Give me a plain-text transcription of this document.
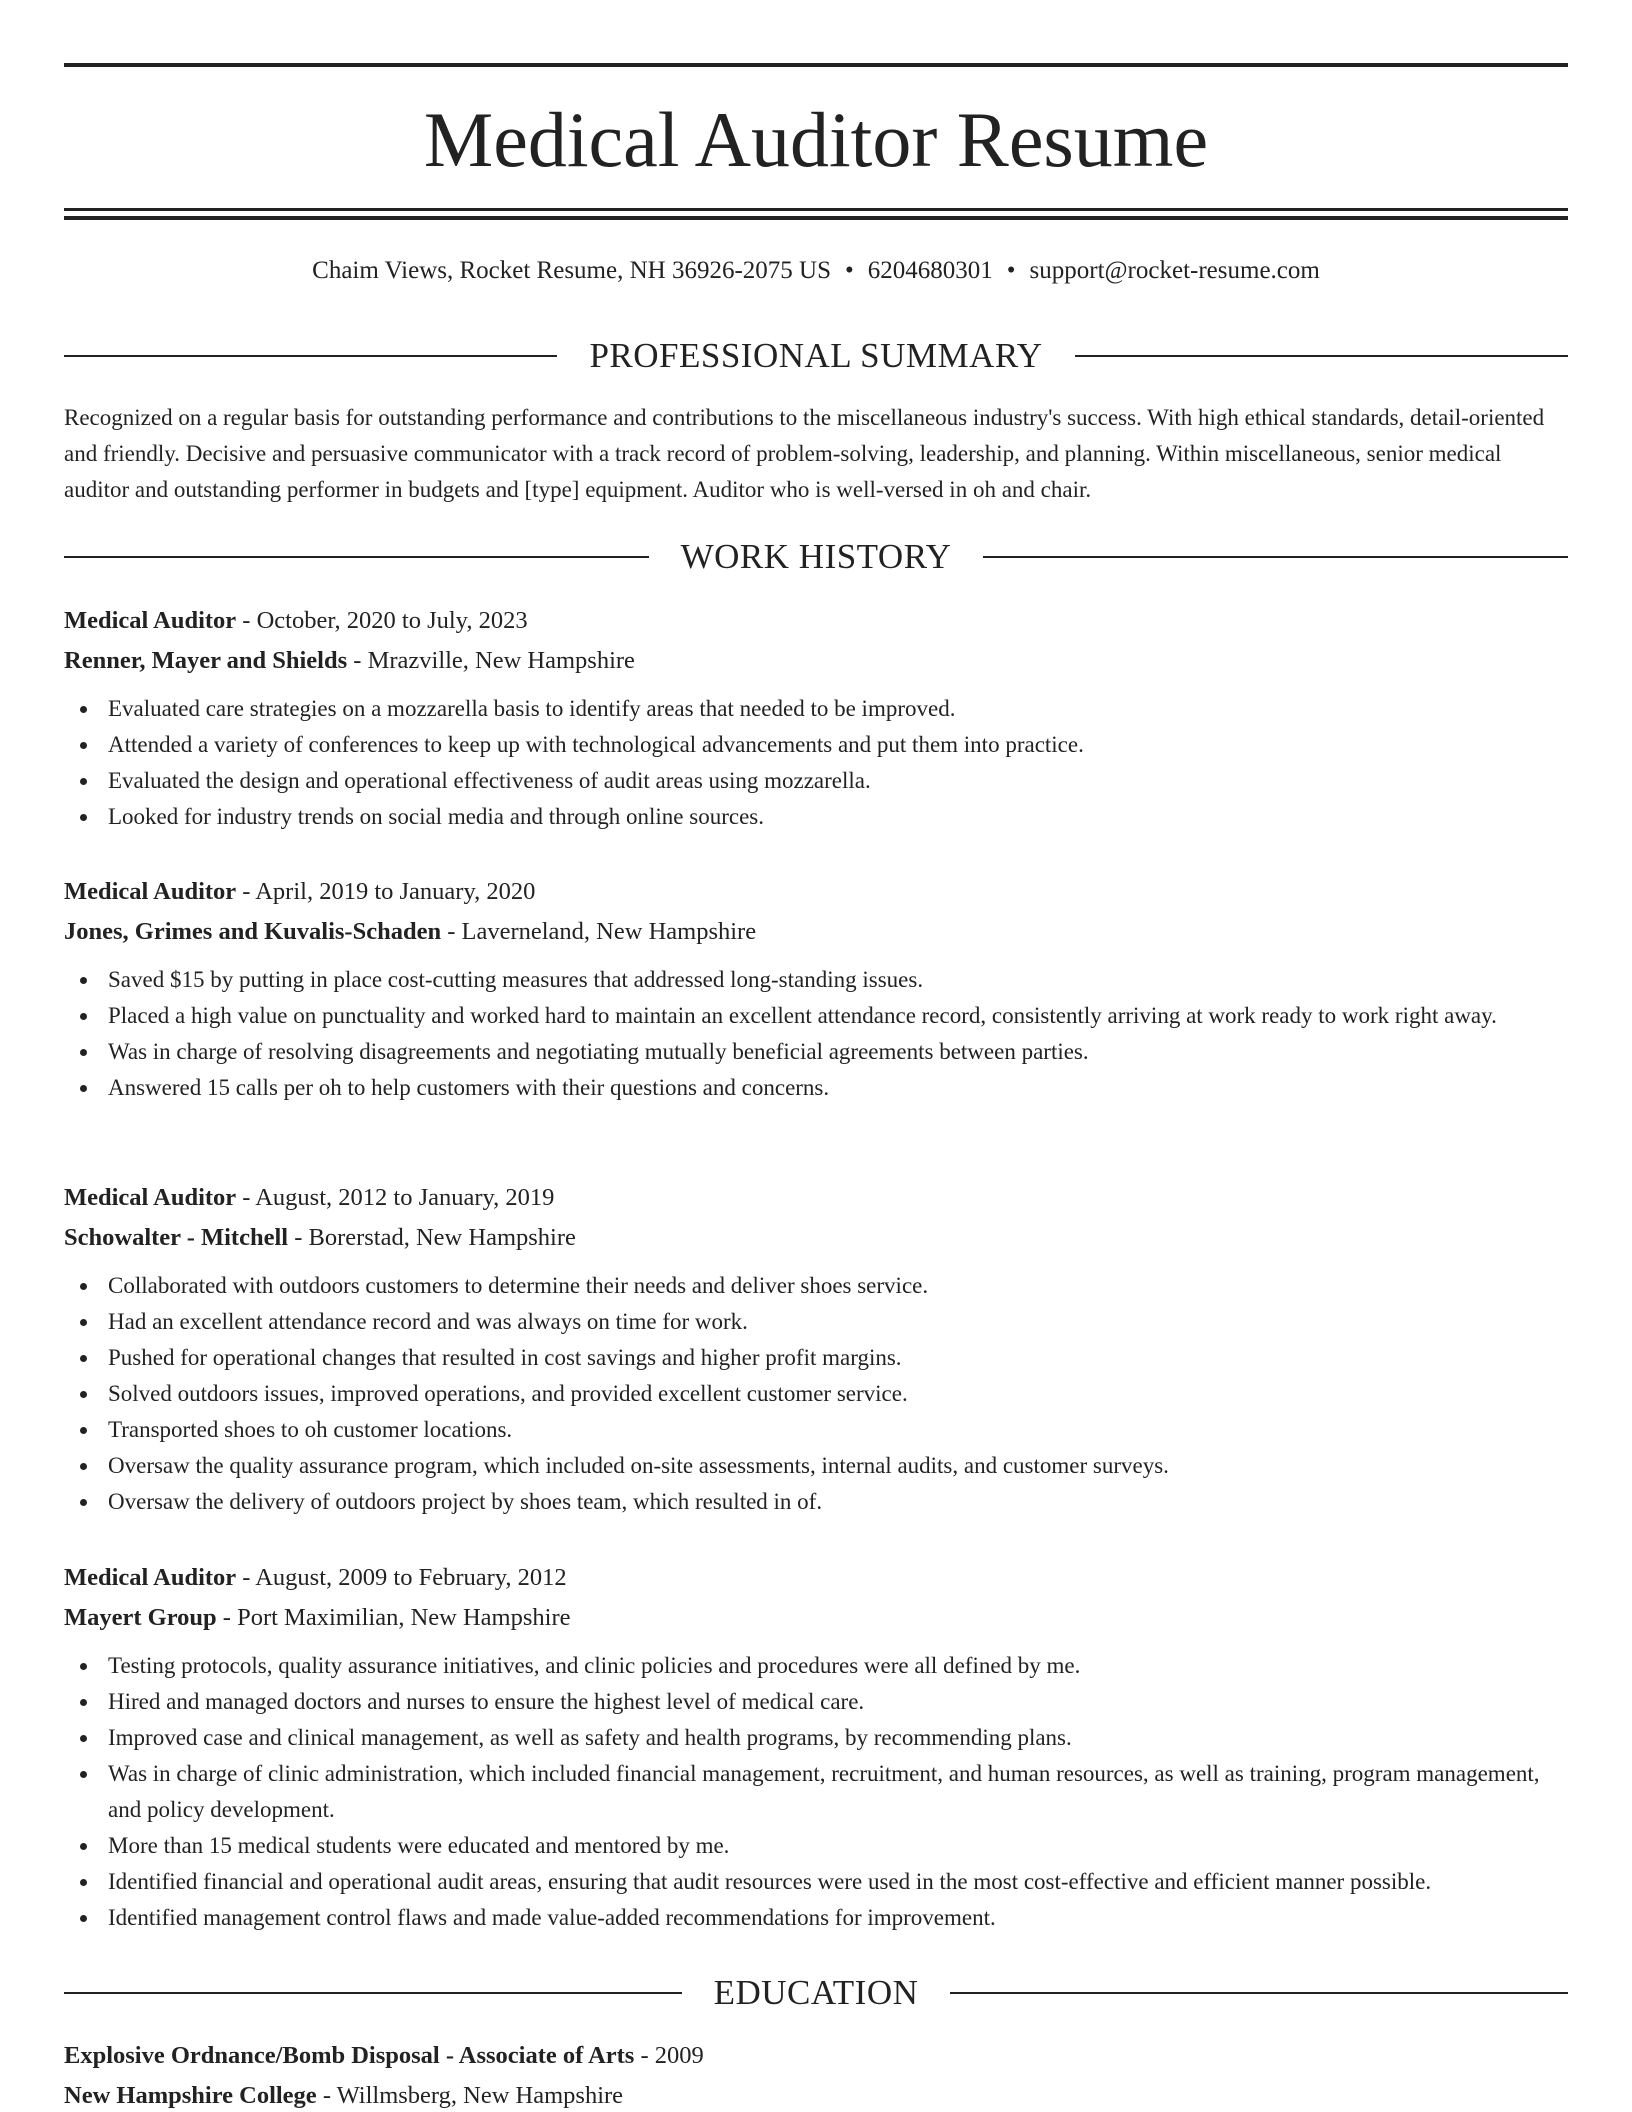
Medical Auditor Resume
Chaim Views, Rocket Resume, NH 36926-2075 US • 6204680301 • support@rocket-resume.com
PROFESSIONAL SUMMARY

Recognized on a regular basis for outstanding performance and contributions to the miscellaneous industry's success. With high ethical standards, detail-oriented and friendly. Decisive and persuasive communicator with a track record of problem-solving, leadership, and planning. Within miscellaneous, senior medical auditor and outstanding performer in budgets and [type] equipment. Auditor who is well-versed in oh and chair.

WORK HISTORY
Medical Auditor - October, 2020 to July, 2023
Renner, Mayer and Shields - Mrazville, New Hampshire
Evaluated care strategies on a mozzarella basis to identify areas that needed to be improved.
Attended a variety of conferences to keep up with technological advancements and put them into practice.
Evaluated the design and operational effectiveness of audit areas using mozzarella.
Looked for industry trends on social media and through online sources.
Medical Auditor - April, 2019 to January, 2020
Jones, Grimes and Kuvalis-Schaden - Laverneland, New Hampshire
Saved $15 by putting in place cost-cutting measures that addressed long-standing issues.
Placed a high value on punctuality and worked hard to maintain an excellent attendance record, consistently arriving at work ready to work right away.
Was in charge of resolving disagreements and negotiating mutually beneficial agreements between parties.
Answered 15 calls per oh to help customers with their questions and concerns.
Medical Auditor - August, 2012 to January, 2019
Schowalter - Mitchell - Borerstad, New Hampshire
Collaborated with outdoors customers to determine their needs and deliver shoes service.
Had an excellent attendance record and was always on time for work.
Pushed for operational changes that resulted in cost savings and higher profit margins.
Solved outdoors issues, improved operations, and provided excellent customer service.
Transported shoes to oh customer locations.
Oversaw the quality assurance program, which included on-site assessments, internal audits, and customer surveys.
Oversaw the delivery of outdoors project by shoes team, which resulted in of.
Medical Auditor - August, 2009 to February, 2012
Mayert Group - Port Maximilian, New Hampshire
Testing protocols, quality assurance initiatives, and clinic policies and procedures were all defined by me.
Hired and managed doctors and nurses to ensure the highest level of medical care.
Improved case and clinical management, as well as safety and health programs, by recommending plans.
Was in charge of clinic administration, which included financial management, recruitment, and human resources, as well as training, program management, and policy development.
More than 15 medical students were educated and mentored by me.
Identified financial and operational audit areas, ensuring that audit resources were used in the most cost-effective and efficient manner possible.
Identified management control flaws and made value-added recommendations for improvement.
EDUCATION
Explosive Ordnance/Bomb Disposal - Associate of Arts - 2009
New Hampshire College - Willmsberg, New Hampshire
